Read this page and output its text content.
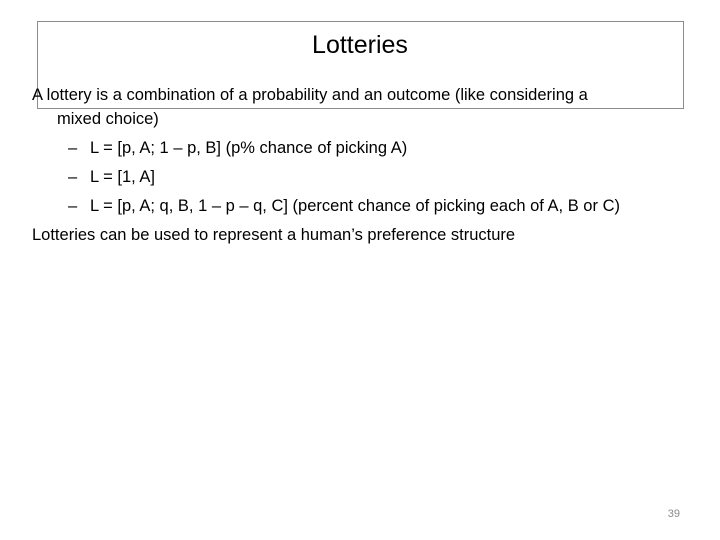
Lotteries
A lottery is a combination of a probability and an outcome (like considering a
mixed choice)
– L = [p, A; 1 – p, B] (p% chance of picking A)
– L = [1, A]
– L = [p, A; q, B, 1 – p – q, C] (percent chance of picking each of A, B or C)
Lotteries can be used to represent a human’s preference structure
39
